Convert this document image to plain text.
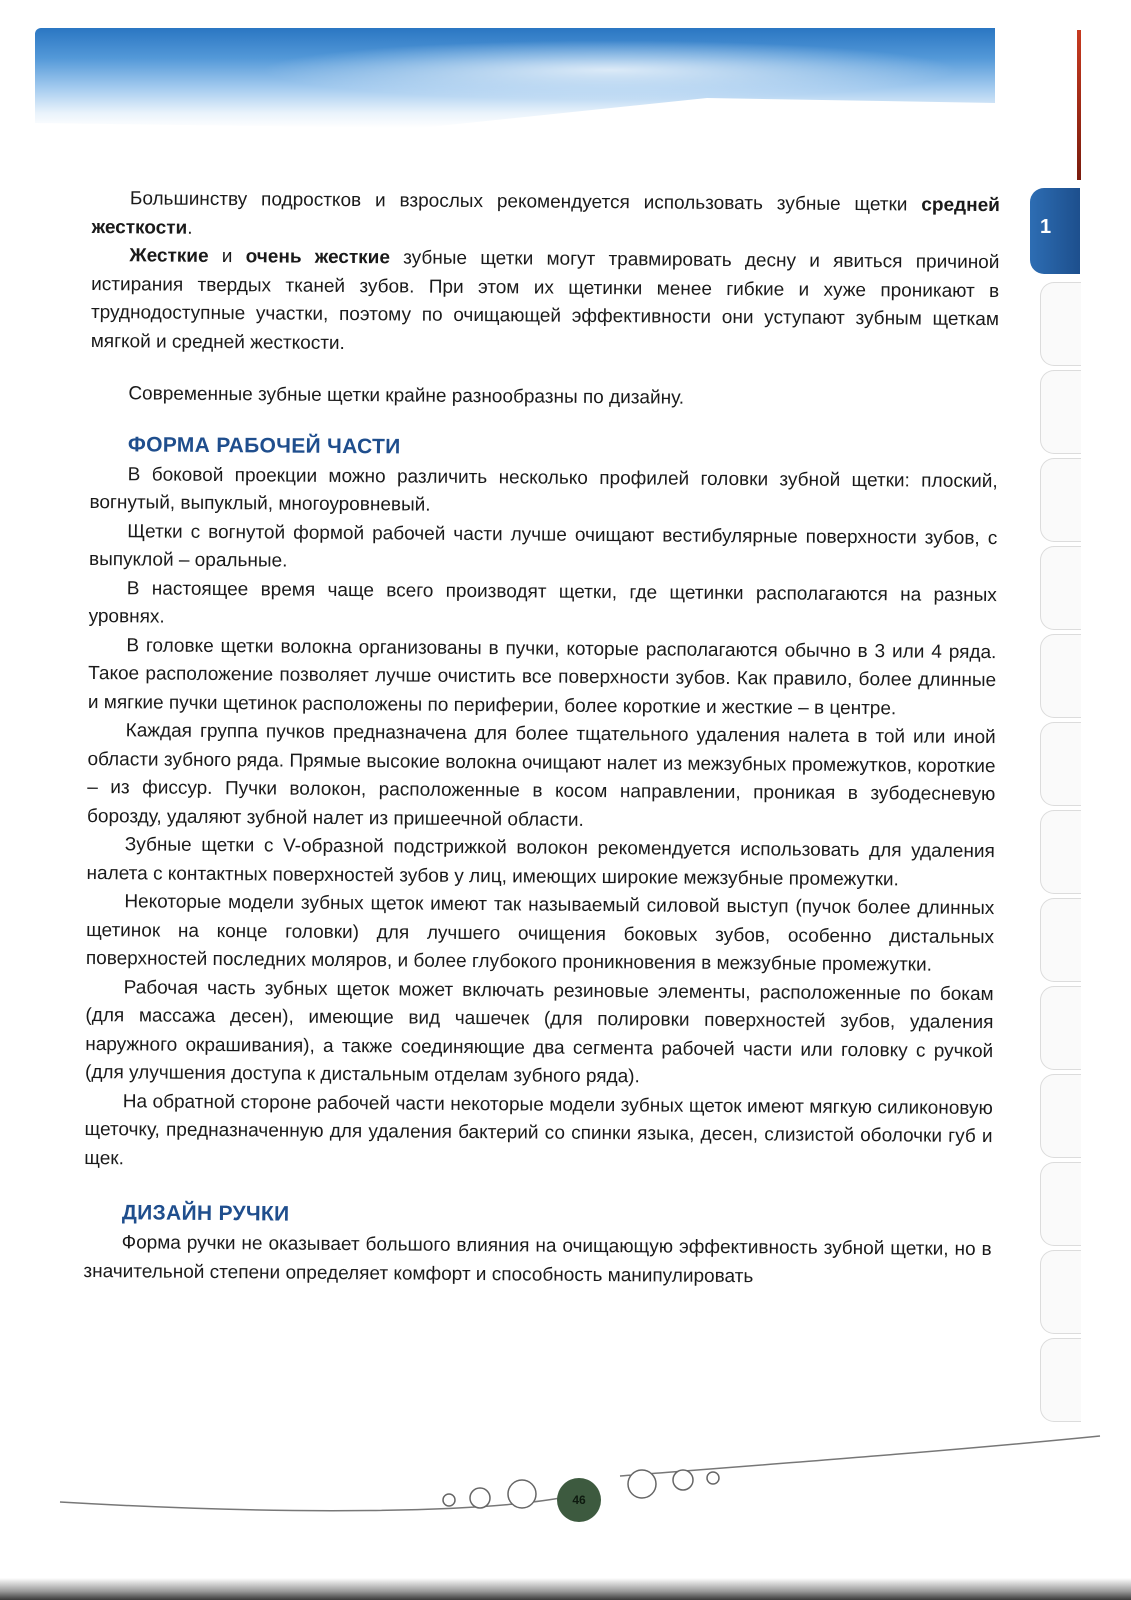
1

Большинству подростков и взрослых рекомендуется использовать зубные щетки средней жесткости.

Жесткие и очень жесткие зубные щетки могут травмировать десну и явиться причиной истирания твердых тканей зубов. При этом их щетинки менее гибкие и хуже проникают в труднодоступные участки, поэтому по очищающей эффективности они уступают зубным щеткам мягкой и средней жесткости.

Современные зубные щетки крайне разнообразны по дизайну.

ФОРМА РАБОЧЕЙ ЧАСТИ

В боковой проекции можно различить несколько профилей головки зубной щетки: плоский, вогнутый, выпуклый, многоуровневый.

Щетки с вогнутой формой рабочей части лучше очищают вестибулярные поверхности зубов, с выпуклой – оральные.

В настоящее время чаще всего производят щетки, где щетинки располагаются на разных уровнях.

В головке щетки волокна организованы в пучки, которые располагаются обычно в 3 или 4 ряда. Такое расположение позволяет лучше очистить все поверхности зубов. Как правило, более длинные и мягкие пучки щетинок расположены по периферии, более короткие и жесткие – в центре.

Каждая группа пучков предназначена для более тщательного удаления налета в той или иной области зубного ряда. Прямые высокие волокна очищают налет из межзубных промежутков, короткие – из фиссур. Пучки волокон, расположенные в косом направлении, проникая в зубодесневую борозду, удаляют зубной налет из пришеечной области.

Зубные щетки с V-образной подстрижкой волокон рекомендуется использовать для удаления налета с контактных поверхностей зубов у лиц, имеющих широкие межзубные промежутки.

Некоторые модели зубных щеток имеют так называемый силовой выступ (пучок более длинных щетинок на конце головки) для лучшего очищения боковых зубов, особенно дистальных поверхностей последних моляров, и более глубокого проникновения в межзубные промежутки.

Рабочая часть зубных щеток может включать резиновые элементы, расположенные по бокам (для массажа десен), имеющие вид чашечек (для полировки поверхностей зубов, удаления наружного окрашивания), а также соединяющие два сегмента рабочей части или головку с ручкой (для улучшения доступа к дистальным отделам зубного ряда).

На обратной стороне рабочей части некоторые модели зубных щеток имеют мягкую силиконовую щеточку, предназначенную для удаления бактерий со спинки языка, десен, слизистой оболочки губ и щек.

ДИЗАЙН РУЧКИ

Форма ручки не оказывает большого влияния на очищающую эффективность зубной щетки, но в значительной степени определяет комфорт и способность манипулировать

46
